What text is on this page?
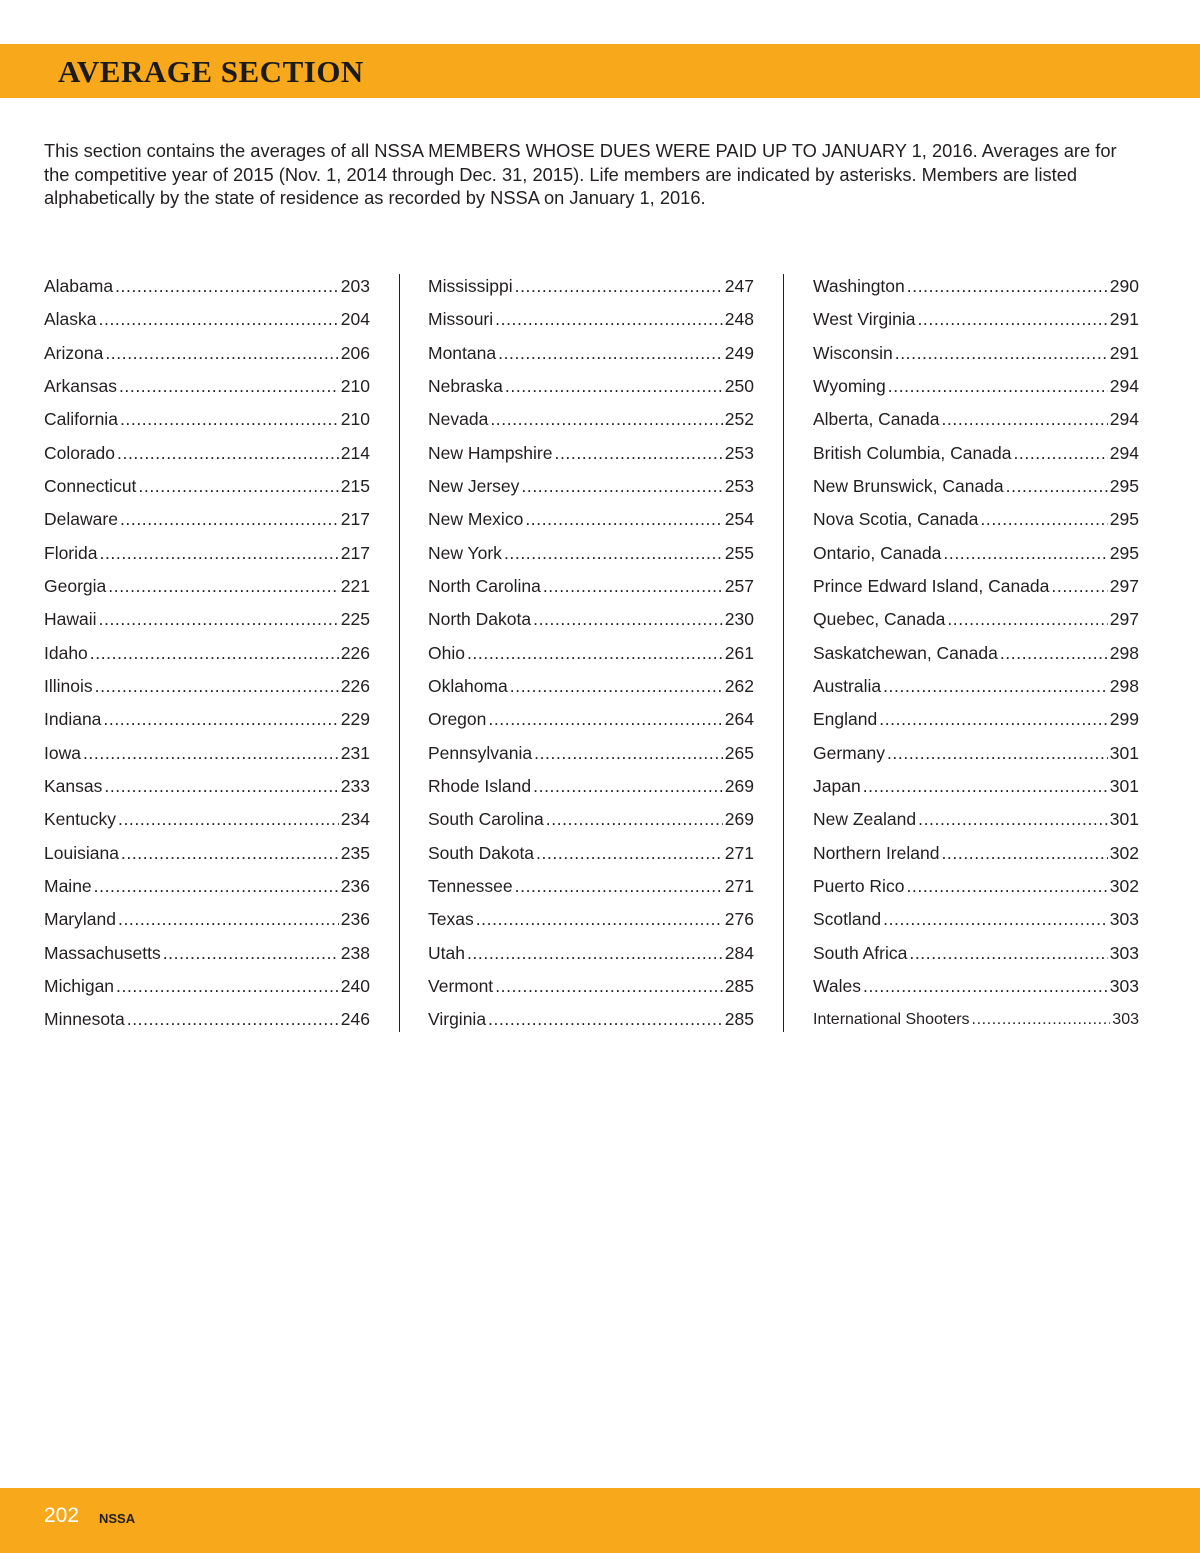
AVERAGE SECTION

This section contains the averages of all NSSA MEMBERS WHOSE DUES WERE PAID UP TO JANUARY 1, 2016. Averages are for the competitive year of 2015 (Nov. 1, 2014 through Dec. 31, 2015). Life members are indicated by asterisks. Members are listed alphabetically by the state of residence as recorded by NSSA on January 1, 2016.

Alabama .....	203
Alaska .....	204
Arizona .....	206
Arkansas .....	210
California .....	210
Colorado .....	214
Connecticut .....	215
Delaware .....	217
Florida .....	217
Georgia .....	221
Hawaii .....	225
Idaho .....	226
Illinois .....	226
Indiana .....	229
Iowa .....	231
Kansas .....	233
Kentucky .....	234
Louisiana .....	235
Maine .....	236
Maryland .....	236
Massachusetts .....	238
Michigan .....	240
Minnesota .....	246
Mississippi .....	247
Missouri .....	248
Montana .....	249
Nebraska .....	250
Nevada .....	252
New Hampshire .....	253
New Jersey .....	253
New Mexico .....	254
New York .....	255
North Carolina .....	257
North Dakota .....	230
Ohio .....	261
Oklahoma .....	262
Oregon .....	264
Pennsylvania .....	265
Rhode Island .....	269
South Carolina .....	269
South Dakota .....	271
Tennessee .....	271
Texas .....	276
Utah .....	284
Vermont .....	285
Virginia .....	285
Washington .....	290
West Virginia .....	291
Wisconsin .....	291
Wyoming .....	294
Alberta, Canada .....	294
British Columbia, Canada .....	294
New Brunswick, Canada .....	295
Nova Scotia, Canada .....	295
Ontario, Canada .....	295
Prince Edward Island, Canada .....	297
Quebec, Canada .....	297
Saskatchewan, Canada .....	298
Australia .....	298
England .....	299
Germany .....	301
Japan .....	301
New Zealand .....	301
Northern Ireland .....	302
Puerto Rico .....	302
Scotland .....	303
South Africa .....	303
Wales .....	303
International Shooters .....	303
202 NSSA
